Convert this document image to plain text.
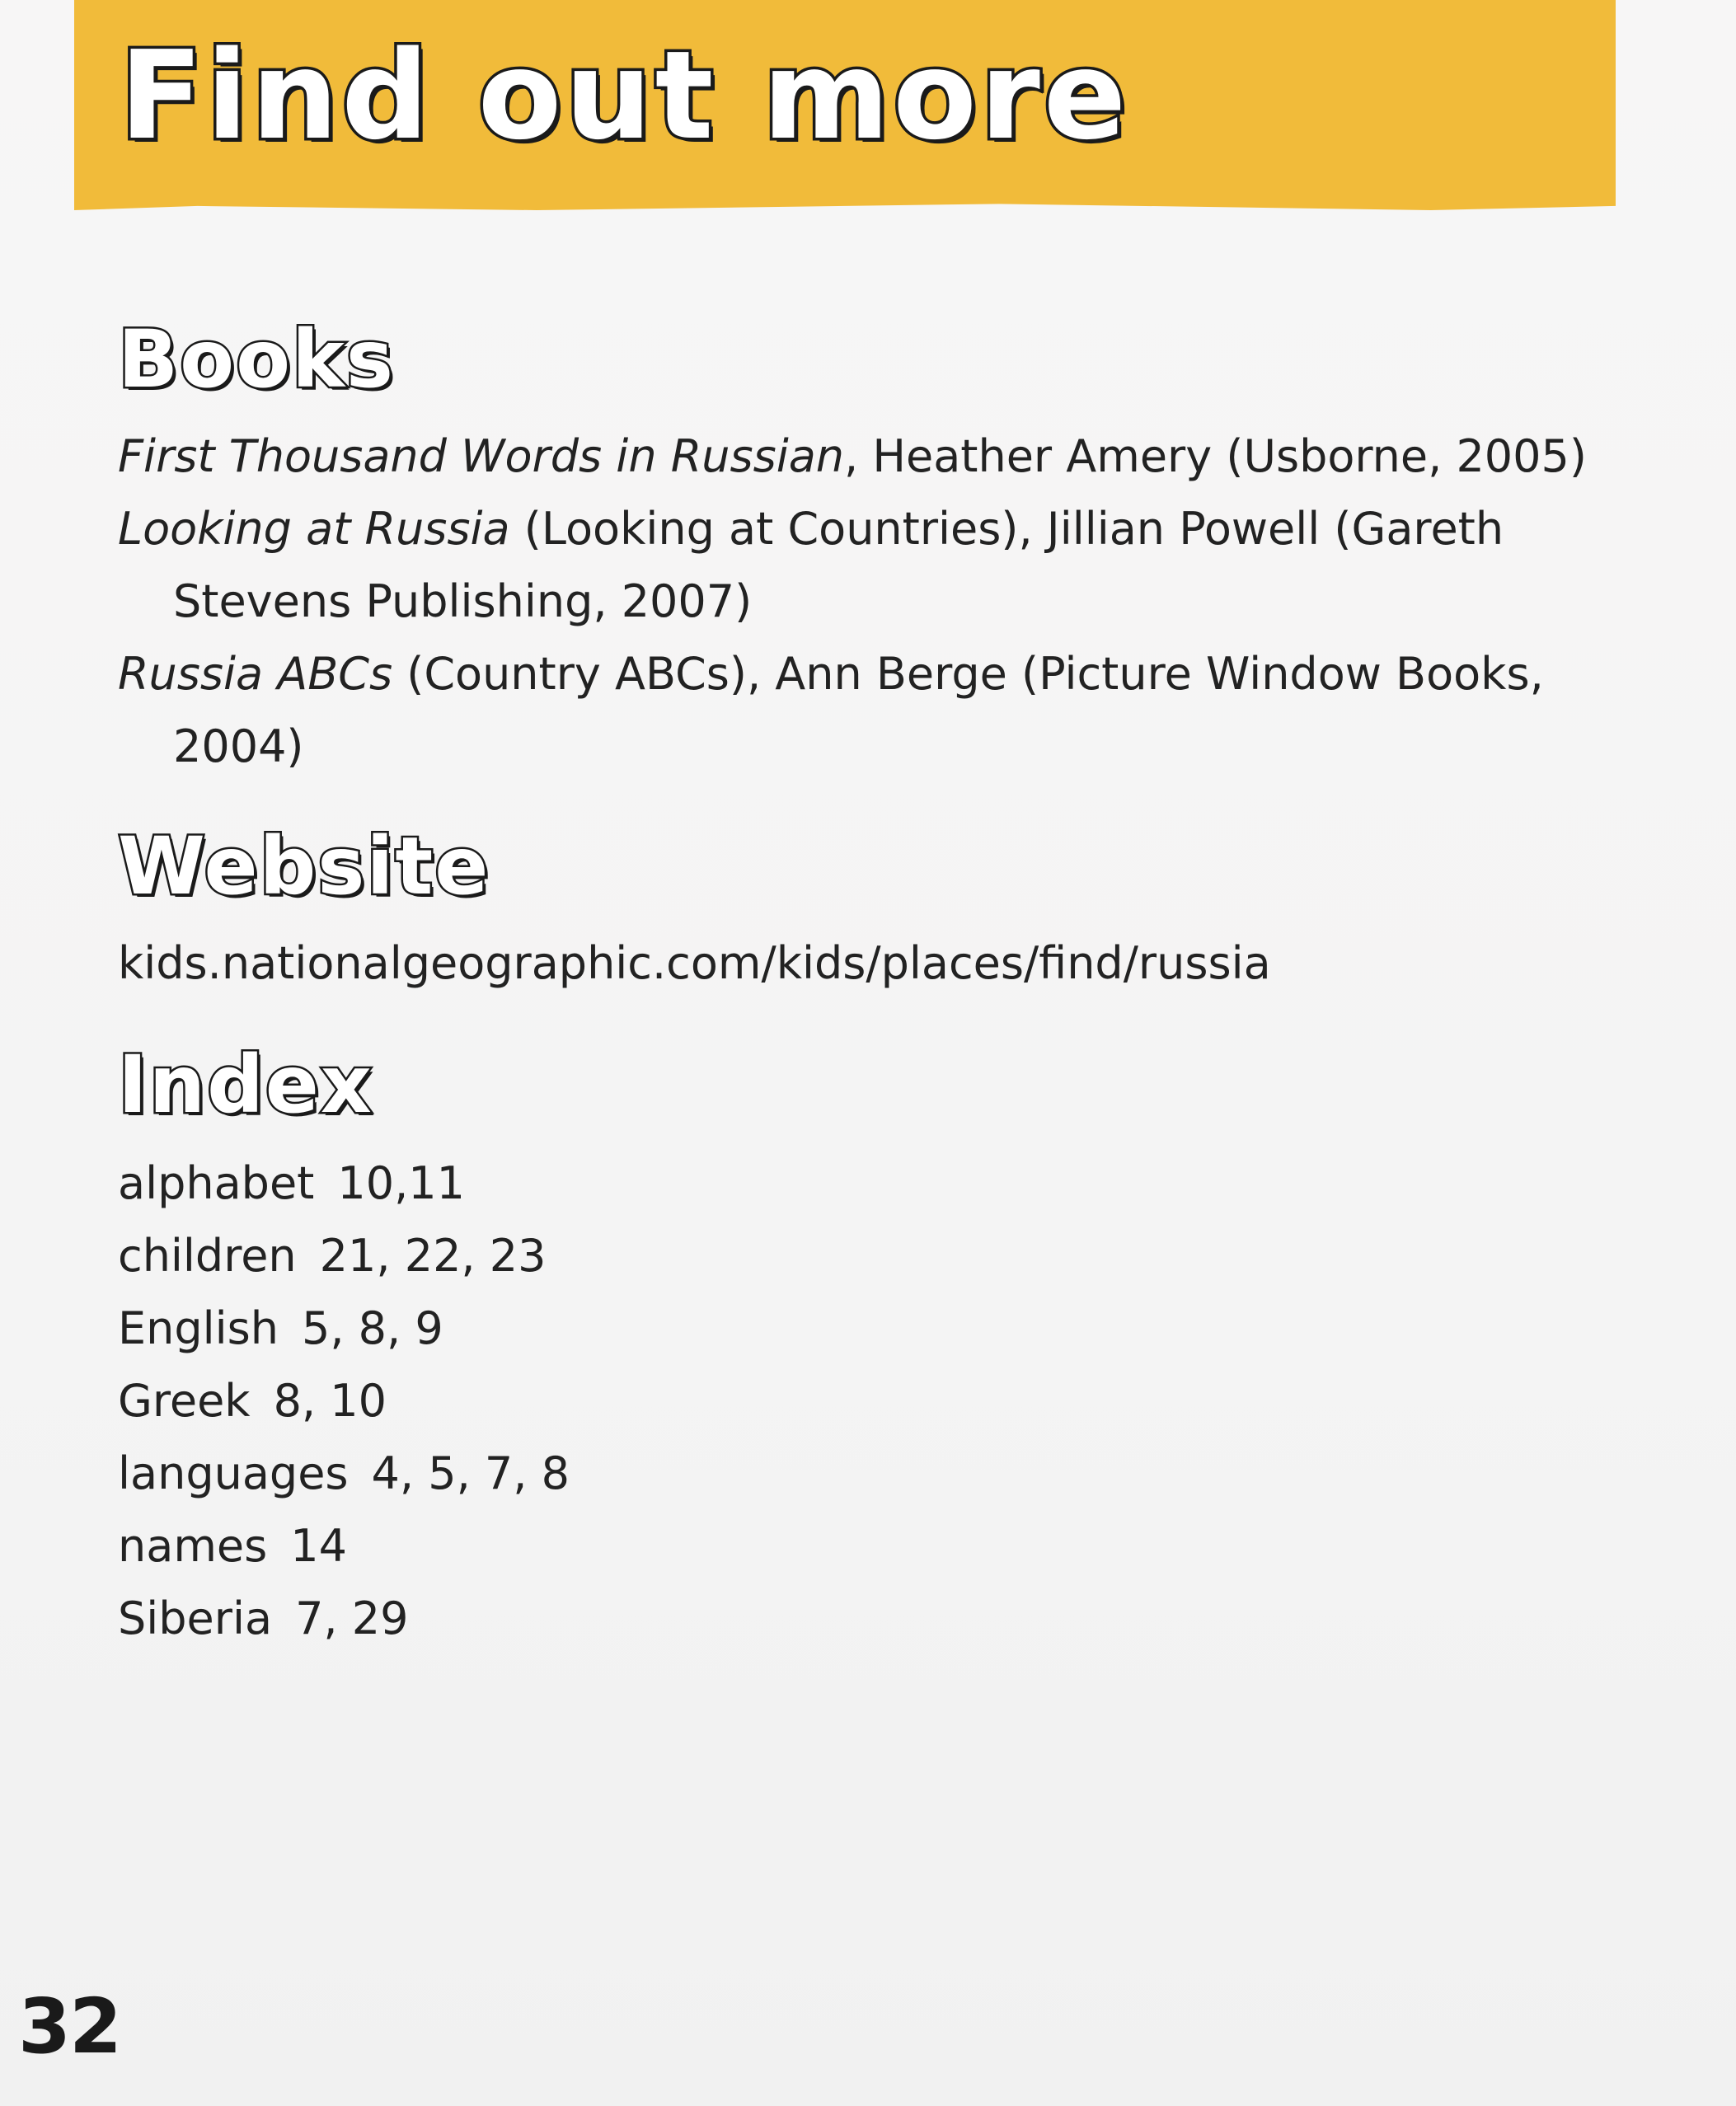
Find out more
Books
First Thousand Words in Russian, Heather Amery (Usborne, 2005)
Looking at Russia (Looking at Countries), Jillian Powell (Gareth Stevens Publishing, 2007)
Russia ABCs (Country ABCs), Ann Berge (Picture Window Books, 2004)
Website
kids.nationalgeographic.com/kids/places/find/russia
Index
alphabet 10,11
children 21, 22, 23
English 5, 8, 9
Greek 8, 10
languages 4, 5, 7, 8
names 14
Siberia 7, 29
32
